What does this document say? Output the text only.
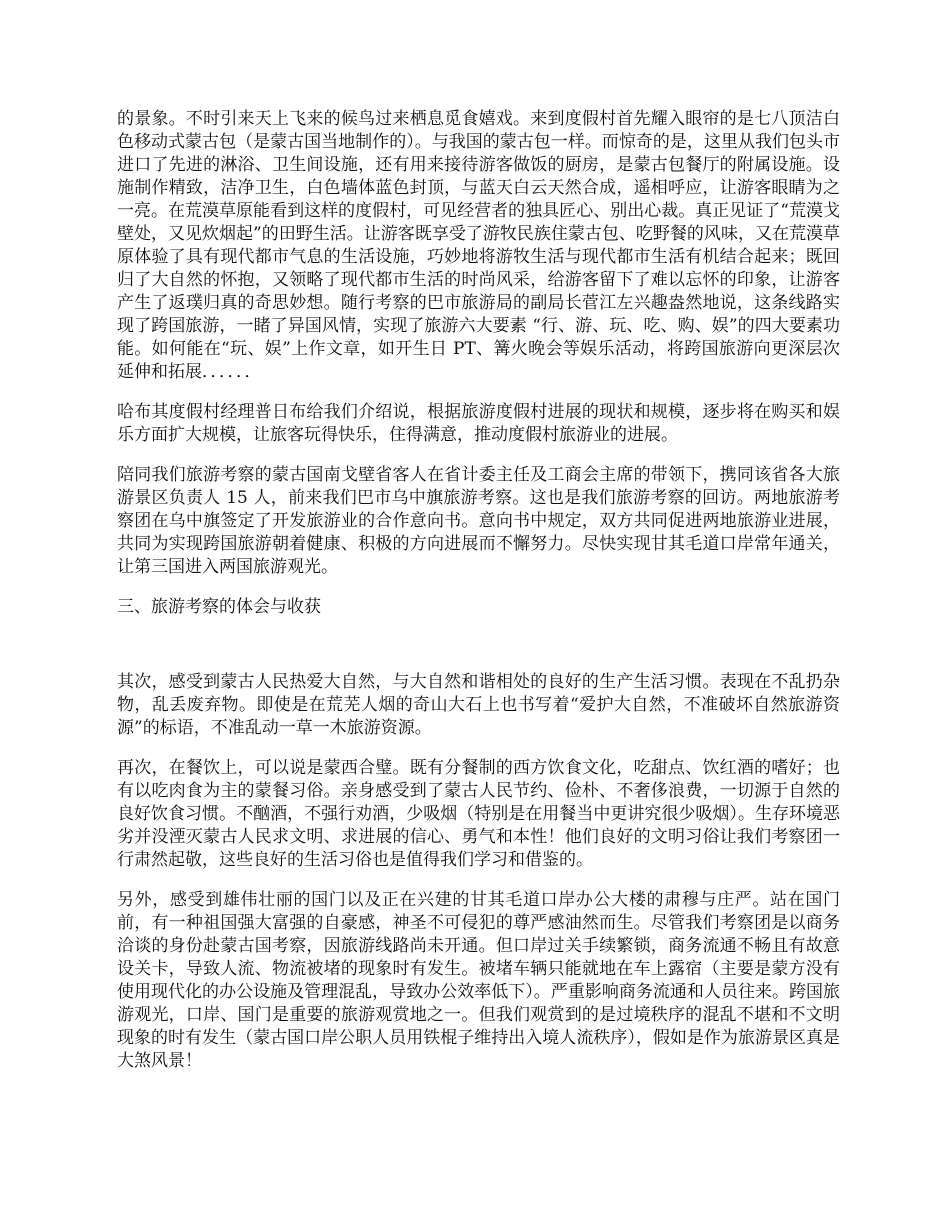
的景象。不时引来天上飞来的候鸟过来栖息觅食嬉戏。来到度假村首先耀入眼帘的是七八顶洁白色移动式蒙古包（是蒙古国当地制作的）。与我国的蒙古包一样。而惊奇的是，这里从我们包头市进口了先进的淋浴、卫生间设施，还有用来接待游客做饭的厨房，是蒙古包餐厅的附属设施。设施制作精致，洁净卫生，白色墙体蓝色封顶，与蓝天白云天然合成，遥相呼应，让游客眼睛为之一亮。在荒漠草原能看到这样的度假村，可见经营者的独具匠心、别出心裁。真正见证了“荒漠戈壁处，又见炊烟起”的田野生活。让游客既享受了游牧民族住蒙古包、吃野餐的风味，又在荒漠草原体验了具有现代都市气息的生活设施，巧妙地将游牧生活与现代都市生活有机结合起来；既回归了大自然的怀抱，又领略了现代都市生活的时尚风采，给游客留下了难以忘怀的印象，让游客产生了返璞归真的奇思妙想。随行考察的巴市旅游局的副局长菅江左兴趣盎然地说，这条线路实现了跨国旅游，一睹了异国风情，实现了旅游六大要素 “行、游、玩、吃、购、娱”的四大要素功能。如何能在“玩、娱”上作文章，如开生日 PT、篝火晚会等娱乐活动，将跨国旅游向更深层次延伸和拓展．．．．．．

哈布其度假村经理普日布给我们介绍说，根据旅游度假村进展的现状和规模，逐步将在购买和娱乐方面扩大规模，让旅客玩得快乐，住得满意，推动度假村旅游业的进展。

陪同我们旅游考察的蒙古国南戈壁省客人在省计委主任及工商会主席的带领下，携同该省各大旅游景区负责人 15 人，前来我们巴市乌中旗旅游考察。这也是我们旅游考察的回访。两地旅游考察团在乌中旗签定了开发旅游业的合作意向书。意向书中规定，双方共同促进两地旅游业进展，共同为实现跨国旅游朝着健康、积极的方向进展而不懈努力。尽快实现甘其毛道口岸常年通关，让第三国进入两国旅游观光。

三、旅游考察的体会与收获

其次，感受到蒙古人民热爱大自然，与大自然和谐相处的良好的生产生活习惯。表现在不乱扔杂物，乱丢废弃物。即使是在荒芜人烟的奇山大石上也书写着“爱护大自然，不准破坏自然旅游资源”的标语，不准乱动一草一木旅游资源。

再次，在餐饮上，可以说是蒙西合璧。既有分餐制的西方饮食文化，吃甜点、饮红酒的嗜好；也有以吃肉食为主的蒙餐习俗。亲身感受到了蒙古人民节约、俭朴、不奢侈浪费，一切源于自然的良好饮食习惯。不酗酒，不强行劝酒，少吸烟（特别是在用餐当中更讲究很少吸烟）。生存环境恶劣并没湮灭蒙古人民求文明、求进展的信心、勇气和本性！他们良好的文明习俗让我们考察团一行肃然起敬，这些良好的生活习俗也是值得我们学习和借鉴的。

另外，感受到雄伟壮丽的国门以及正在兴建的甘其毛道口岸办公大楼的肃穆与庄严。站在国门前，有一种祖国强大富强的自豪感，神圣不可侵犯的尊严感油然而生。尽管我们考察团是以商务洽谈的身份赴蒙古国考察，因旅游线路尚未开通。但口岸过关手续繁锁，商务流通不畅且有故意设关卡，导致人流、物流被堵的现象时有发生。被堵车辆只能就地在车上露宿（主要是蒙方没有使用现代化的办公设施及管理混乱，导致办公效率低下）。严重影响商务流通和人员往来。跨国旅游观光，口岸、国门是重要的旅游观赏地之一。但我们观赏到的是过境秩序的混乱不堪和不文明现象的时有发生（蒙古国口岸公职人员用铁棍子维持出入境人流秩序），假如是作为旅游景区真是大煞风景！
